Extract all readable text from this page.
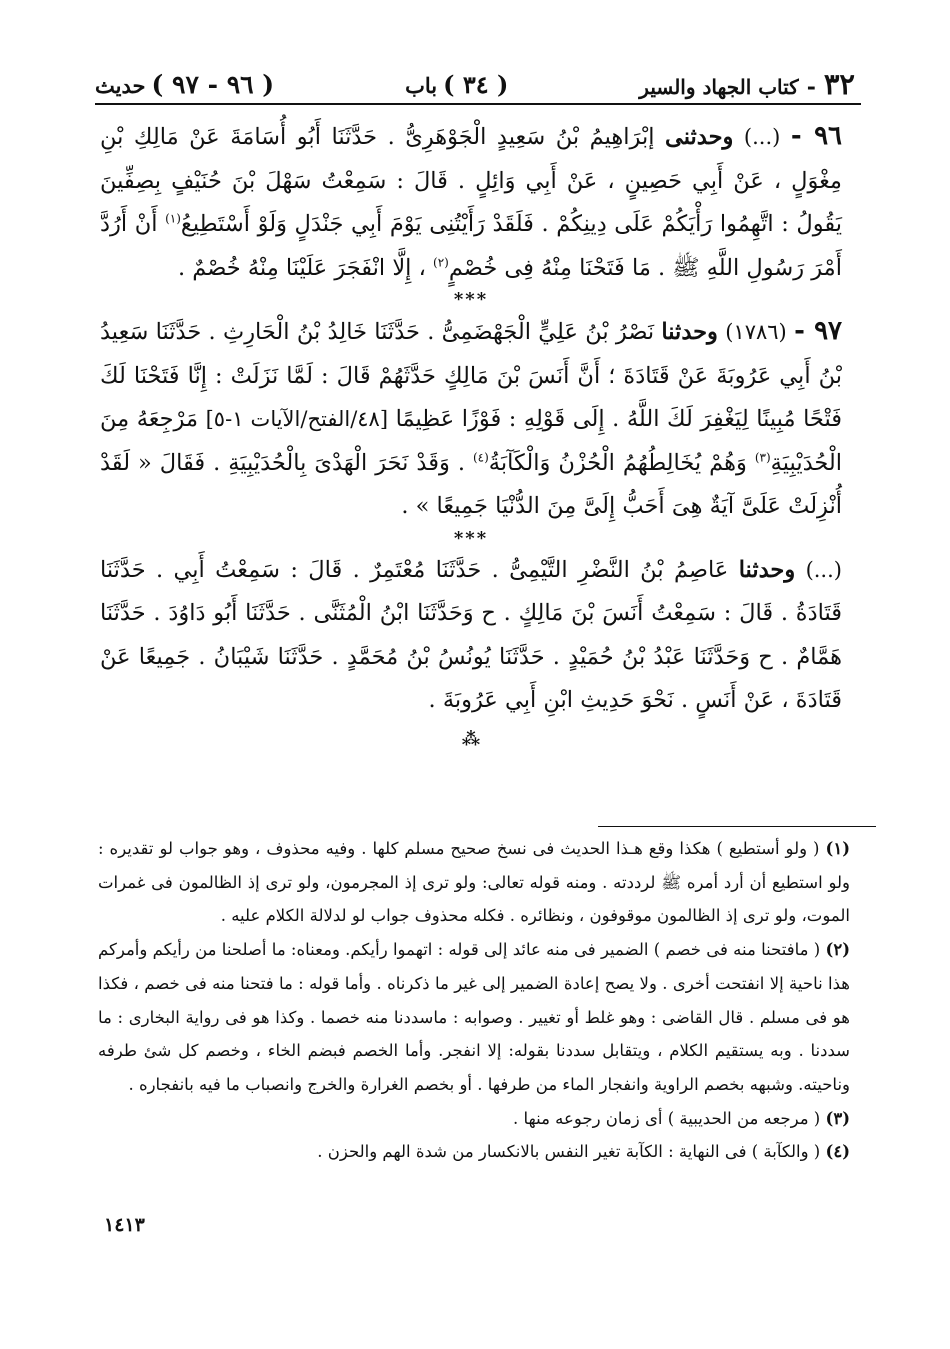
٣٢
-
كتاب الجهاد والسير
( ٣٤ )
باب
( ٩٦ - ٩٧ )
حديث

٩٦ - (...) وحدثنى إبْرَاهِيمُ بْنُ سَعِيدٍ الْجَوْهَرِىُّ . حَدَّثَنَا أَبُو أُسَامَةَ عَنْ مَالِكِ بْنِ مِغْوَلٍ ، عَنْ أَبِي حَصِينٍ ، عَنْ أَبِي وَائِلٍ . قَالَ : سَمِعْتُ سَهْلَ بْنَ حُنَيْفٍ بِصِفِّينَ يَقُولُ : اتَّهِمُوا رَأْيَكُمْ عَلَى دِينِكُمْ . فَلَقَدْ رَأَيْتُنِى يَوْمَ أَبِي جَنْدَلٍ وَلَوْ أَسْتَطِيعُ$^{(١)}$ أَنْ أَرُدَّ أَمْرَ رَسُولِ اللَّهِ ﷺ . مَا فَتَحْنَا مِنْهُ فِى خُصْمٍ$^{(٢)}$ ، إِلَّا انْفَجَرَ عَلَيْنَا مِنْهُ خُصْمٌ .

***

٩٧ - (١٧٨٦) وحدثنا نَصْرُ بْنُ عَلِيٍّ الْجَهْضَمِىُّ . حَدَّثَنَا خَالِدُ بْنُ الْحَارِثِ . حَدَّثَنَا سَعِيدُ بْنُ أَبِي عَرُوبَةَ عَنْ قَتَادَةَ ؛ أَنَّ أَنَسَ بْنَ مَالِكٍ حَدَّثَهُمْ قَالَ : لَمَّا نَزَلَتْ : إِنَّا فَتَحْنَا لَكَ فَتْحًا مُبِينًا لِيَغْفِرَ لَكَ اللَّهُ . إِلَى قَوْلِهِ : فَوْزًا عَظِيمًا [٤٨/الفتح/الآيات ١-٥] مَرْجِعَهُ مِنَ الْحُدَيْبِيَةِ$^{(٣)}$ وَهُمْ يُخَالِطُهُمُ الْحُزْنُ وَالْكَآبَةُ$^{(٤)}$ . وَقَدْ نَحَرَ الْهَدْىَ بِالْحُدَيْبِيَةِ . فَقَالَ « لَقَدْ أُنْزِلَتْ عَلَىَّ آيَةٌ هِىَ أَحَبُّ إِلَىَّ مِنَ الدُّنْيَا جَمِيعًا » .

***

(...) وحدثنا عَاصِمُ بْنُ النَّضْرِ التَّيْمِىُّ . حَدَّثَنَا مُعْتَمِرٌ . قَالَ : سَمِعْتُ أَبِي . حَدَّثَنَا قَتَادَةُ . قَالَ : سَمِعْتُ أَنَسَ بْنَ مَالِكٍ . ح وَحَدَّثَنَا ابْنُ الْمُثَنَّى . حَدَّثَنَا أَبُو دَاوُدَ . حَدَّثَنَا هَمَّامٌ . ح وَحَدَّثَنَا عَبْدُ بْنُ حُمَيْدٍ . حَدَّثَنَا يُونُسُ بْنُ مُحَمَّدٍ . حَدَّثَنَا شَيْبَانُ . جَمِيعًا عَنْ قَتَادَةَ ، عَنْ أَنَسٍ . نَحْوَ حَدِيثِ ابْنِ أَبِي عَرُوبَةَ .

⁂

(١) ( ولو أستطيع ) هكذا وقع هـذا الحديث فى نسخ صحيح مسلم كلها . وفيه محذوف ، وهو جواب لو تقديره : ولو استطيع أن أرد أمره ﷺ لرددته . ومنه قوله تعالى: ولو ترى إذ المجرمون، ولو ترى إذ الظالمون فى غمرات الموت، ولو ترى إذ الظالمون موقوفون ، ونظائره . فكله محذوف جواب لو لدلالة الكلام عليه .

(٢) ( مافتحنا منه فى خصم ) الضمير فى منه عائد إلى قوله : اتهموا رأيكم. ومعناه: ما أصلحنا من رأيكم وأمركم هذا ناحية إلا انفتحت أخرى . ولا يصح إعادة الضمير إلى غير ما ذكرناه . وأما قوله : ما فتحنا منه فى خصم ، فكذا هو فى مسلم . قال القاضى : وهو غلط أو تغيير . وصوابه : ماسددنا منه خصما . وكذا هو فى رواية البخارى : ما سددنا . وبه يستقيم الكلام ، ويتقابل سددنا بقوله: إلا انفجر. وأما الخصم فبضم الخاء ، وخصم كل شئ طرفه وناحيته. وشبهه بخصم الراوية وانفجار الماء من طرفها . أو بخصم الغرارة والخرج وانصباب ما فيه بانفجاره .

(٣) ( مرجعه من الحديبية ) أى زمان رجوعه منها .

(٤) ( والكآبة ) فى النهاية : الكآبة تغير النفس بالانكسار من شدة الهم والحزن .

١٤١٣
